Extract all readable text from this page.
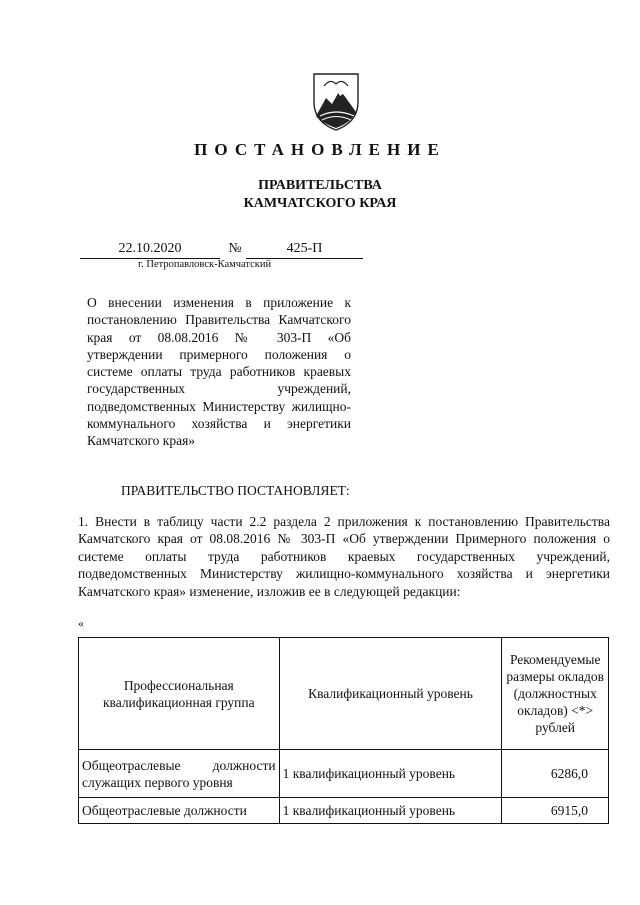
ПОСТАНОВЛЕНИЕ
ПРАВИТЕЛЬСТВА
КАМЧАТСКОГО КРАЯ
22.10.2020	№	425-П
г. Петропавловск-Камчатский
О внесении изменения в приложение к постановлению Правительства Камчатского края от 08.08.2016 № 303-П «Об утверждении примерного положения о системе оплаты труда работников краевых государственных учреждений, подведомственных Министерству жилищно-коммунального хозяйства и энергетики Камчатского края»
ПРАВИТЕЛЬСТВО ПОСТАНОВЛЯЕТ:
1. Внести в таблицу части 2.2 раздела 2 приложения к постановлению Правительства Камчатского края от 08.08.2016 № 303-П «Об утверждении Примерного положения о системе оплаты труда работников краевых государственных учреждений, подведомственных Министерству жилищно-коммунального хозяйства и энергетики Камчатского края» изменение, изложив ее в следующей редакции:
«
Профессиональная квалификационная группа	Квалификационный уровень	Рекомендуемые размеры окладов (должностных окладов) <*> рублей
Общеотраслевые должности служащих первого уровня	1 квалификационный уровень	6286,0
Общеотраслевые должности	1 квалификационный уровень	6915,0
